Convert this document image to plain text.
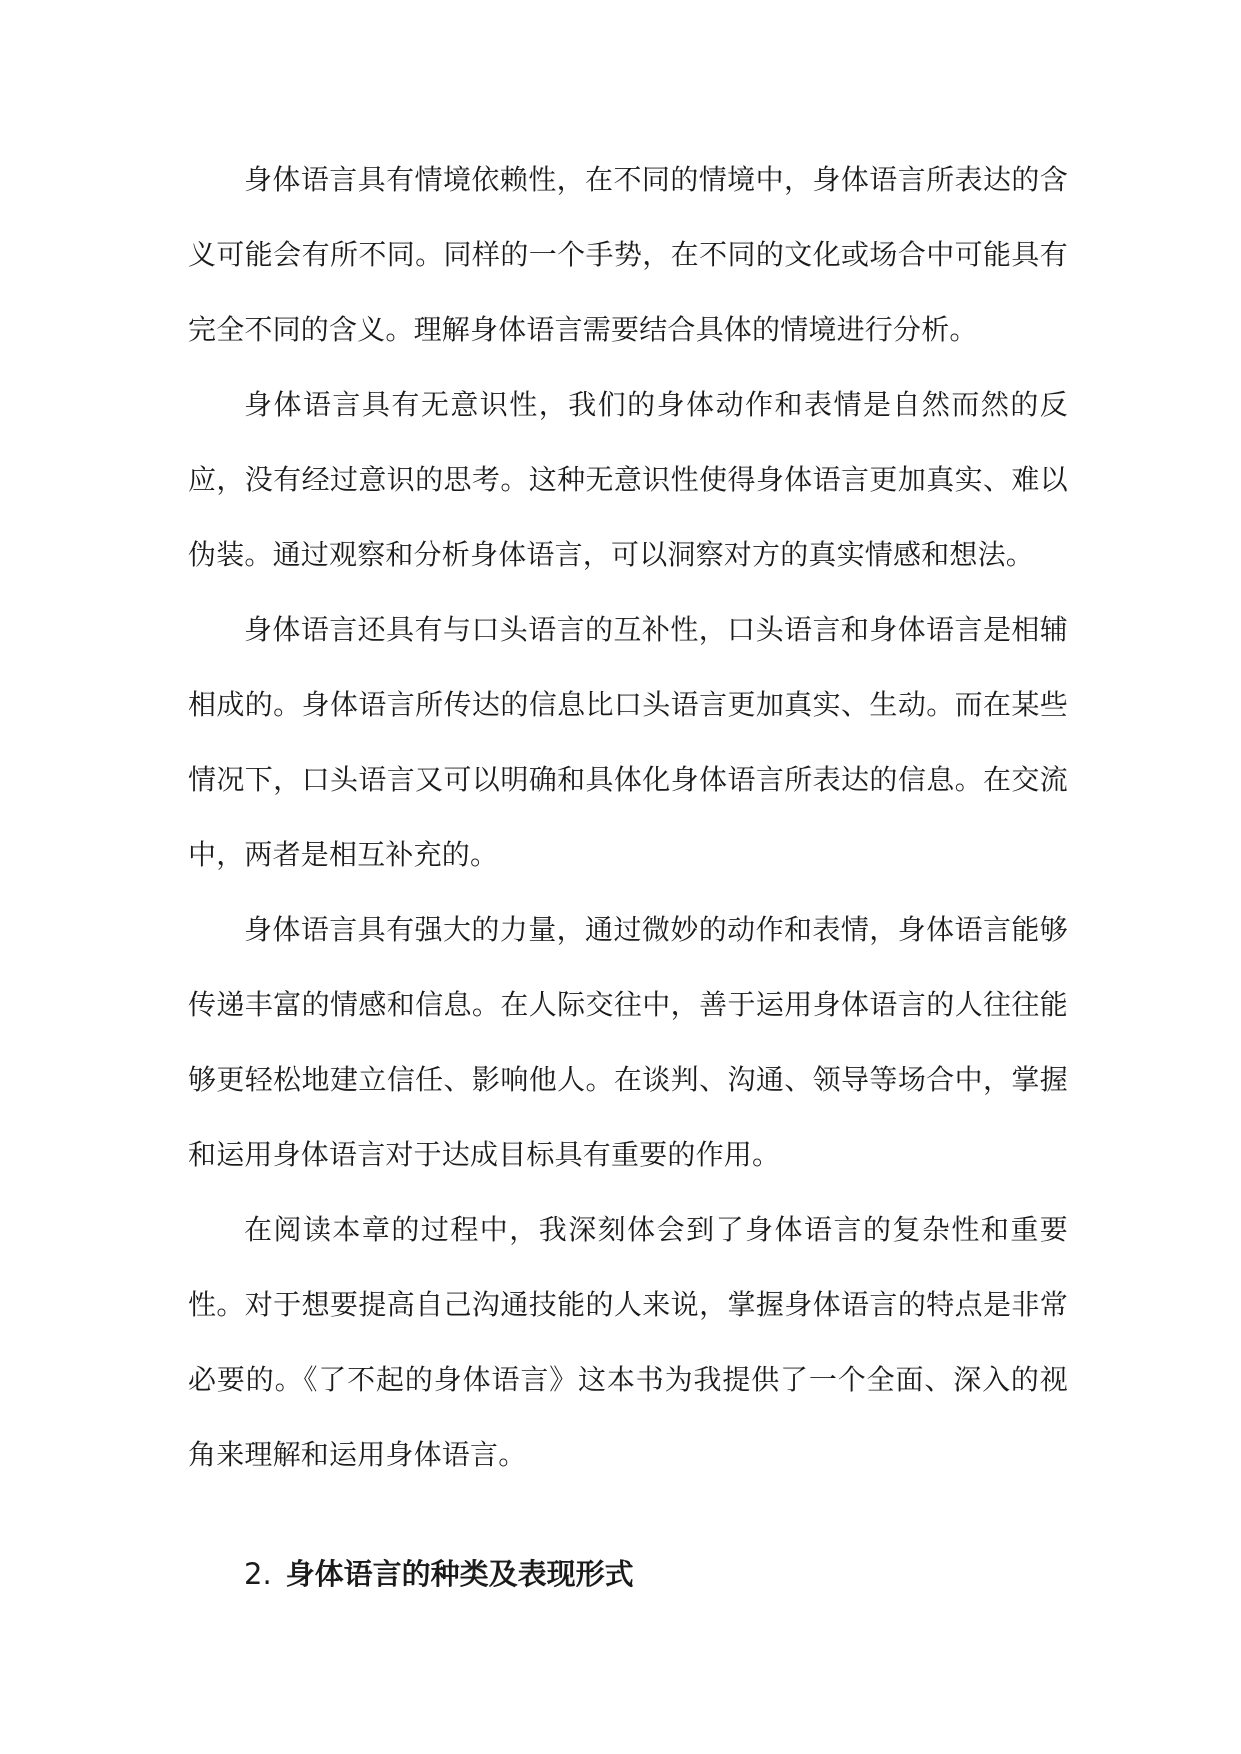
身体语言具有情境依赖性，在不同的情境中，身体语言所表达的含义可能会有所不同。同样的一个手势，在不同的文化或场合中可能具有完全不同的含义。理解身体语言需要结合具体的情境进行分析。

身体语言具有无意识性，我们的身体动作和表情是自然而然的反应，没有经过意识的思考。这种无意识性使得身体语言更加真实、难以伪装。通过观察和分析身体语言，可以洞察对方的真实情感和想法。

身体语言还具有与口头语言的互补性，口头语言和身体语言是相辅相成的。身体语言所传达的信息比口头语言更加真实、生动。而在某些情况下，口头语言又可以明确和具体化身体语言所表达的信息。在交流中，两者是相互补充的。

身体语言具有强大的力量，通过微妙的动作和表情，身体语言能够传递丰富的情感和信息。在人际交往中，善于运用身体语言的人往往能够更轻松地建立信任、影响他人。在谈判、沟通、领导等场合中，掌握和运用身体语言对于达成目标具有重要的作用。

在阅读本章的过程中，我深刻体会到了身体语言的复杂性和重要性。对于想要提高自己沟通技能的人来说，掌握身体语言的特点是非常必要的。《了不起的身体语言》这本书为我提供了一个全面、深入的视角来理解和运用身体语言。

2. 身体语言的种类及表现形式
